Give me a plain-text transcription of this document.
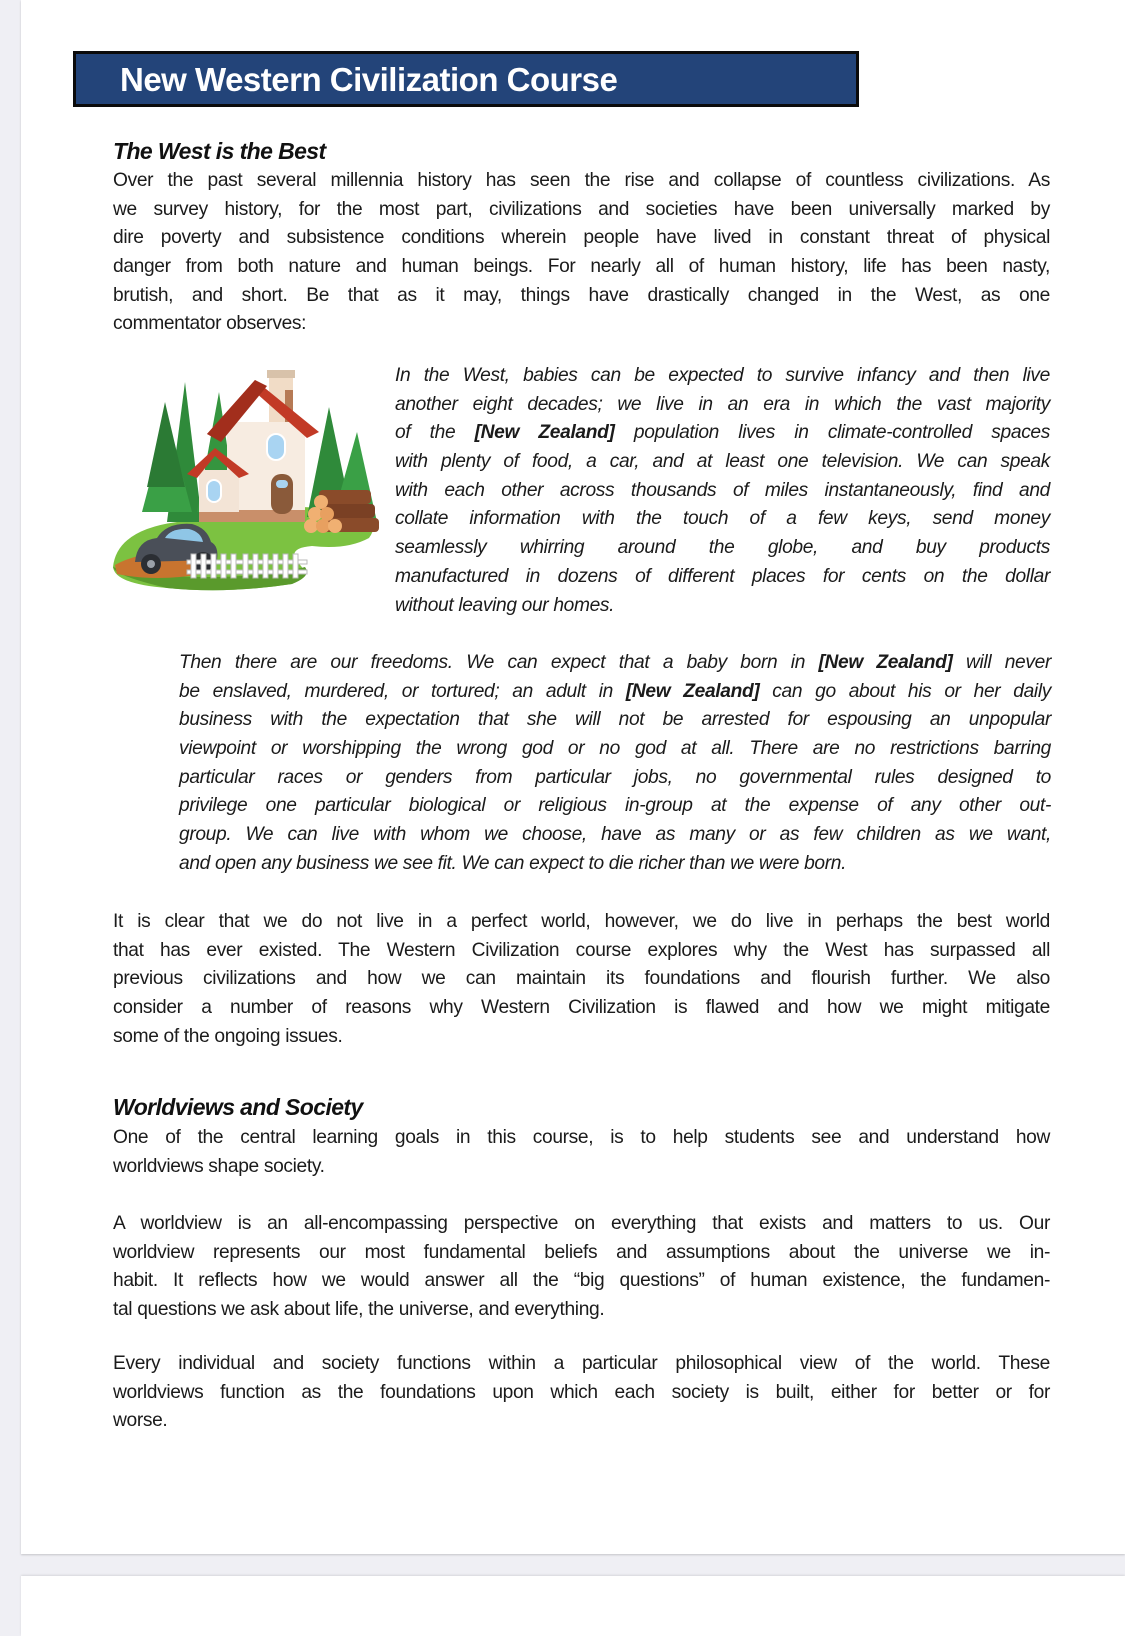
New Western Civilization Course
The West is the Best
Over the past several millennia history has seen the rise and collapse of countless civilizations. As
we survey history, for the most part, civilizations and societies have been universally marked by
dire poverty and subsistence conditions wherein people have lived in constant threat of physical
danger from both nature and human beings. For nearly all of human history, life has been nasty,
brutish, and short. Be that as it may, things have drastically changed in the West, as one
commentator observes:
In the West, babies can be expected to survive infancy and then live
another eight decades; we live in an era in which the vast majority
of the [New Zealand] population lives in climate-controlled spaces
with plenty of food, a car, and at least one television. We can speak
with each other across thousands of miles instantaneously, find and
collate information with the touch of a few keys, send money
seamlessly whirring around the globe, and buy products
manufactured in dozens of different places for cents on the dollar
without leaving our homes.
Then there are our freedoms. We can expect that a baby born in [New Zealand] will never
be enslaved, murdered, or tortured; an adult in [New Zealand] can go about his or her daily
business with the expectation that she will not be arrested for espousing an unpopular
viewpoint or worshipping the wrong god or no god at all. There are no restrictions barring
particular races or genders from particular jobs, no governmental rules designed to
privilege one particular biological or religious in-group at the expense of any other out-
group. We can live with whom we choose, have as many or as few children as we want,
and open any business we see fit. We can expect to die richer than we were born.
It is clear that we do not live in a perfect world, however, we do live in perhaps the best world
that has ever existed. The Western Civilization course explores why the West has surpassed all
previous civilizations and how we can maintain its foundations and flourish further. We also
consider a number of reasons why Western Civilization is flawed and how we might mitigate
some of the ongoing issues.
Worldviews and Society
One of the central learning goals in this course, is to help students see and understand how
worldviews shape society.
A worldview is an all-encompassing perspective on everything that exists and matters to us. Our
worldview represents our most fundamental beliefs and assumptions about the universe we in-
habit. It reflects how we would answer all the “big questions” of human existence, the fundamen-
tal questions we ask about life, the universe, and everything.
Every individual and society functions within a particular philosophical view of the world. These
worldviews function as the foundations upon which each society is built, either for better or for
worse.
